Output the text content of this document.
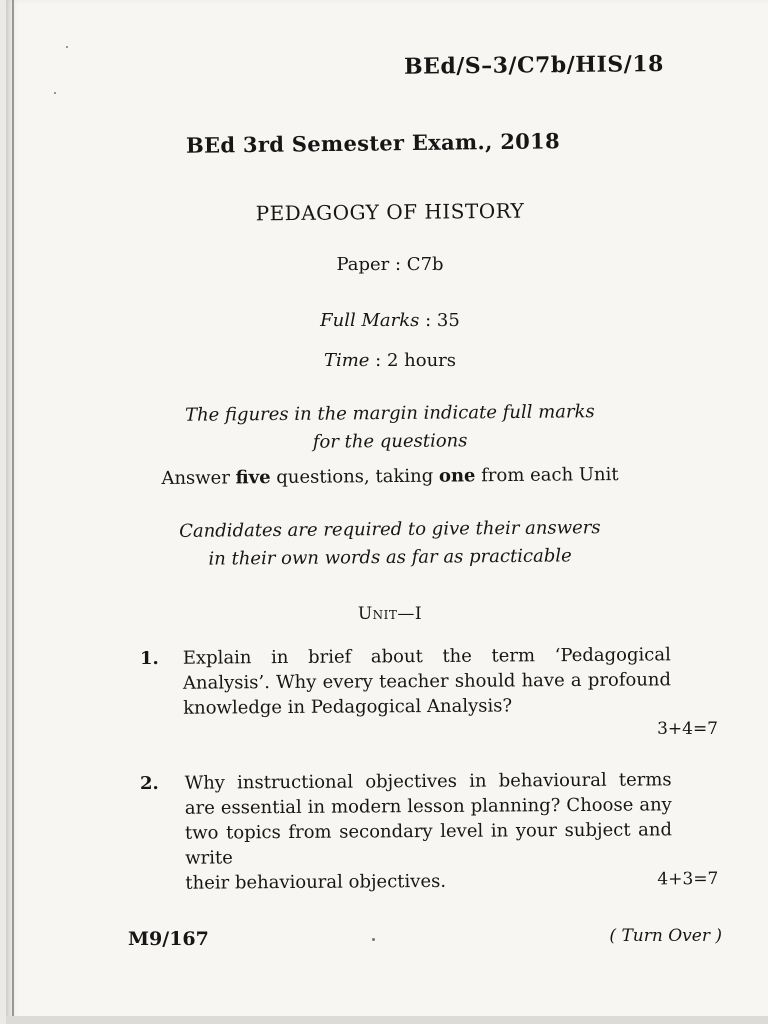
BEd/S–3/C7b/HIS/18
BEd 3rd Semester Exam., 2018
PEDAGOGY OF HISTORY
Paper : C7b
Full Marks : 35
Time : 2 hours
The figures in the margin indicate full marks
for the questions
Answer five questions, taking one from each Unit
Candidates are required to give their answers
in their own words as far as practicable
Unit—I
1. Explain in brief about the term ‘Pedagogical Analysis’. Why every teacher should have a profound knowledge in Pedagogical Analysis?
3+4=7
2. Why instructional objectives in behavioural terms are essential in modern lesson planning? Choose any two topics from secondary level in your subject and write
their behavioural objectives.	4+3=7
M9/167	( Turn Over )
